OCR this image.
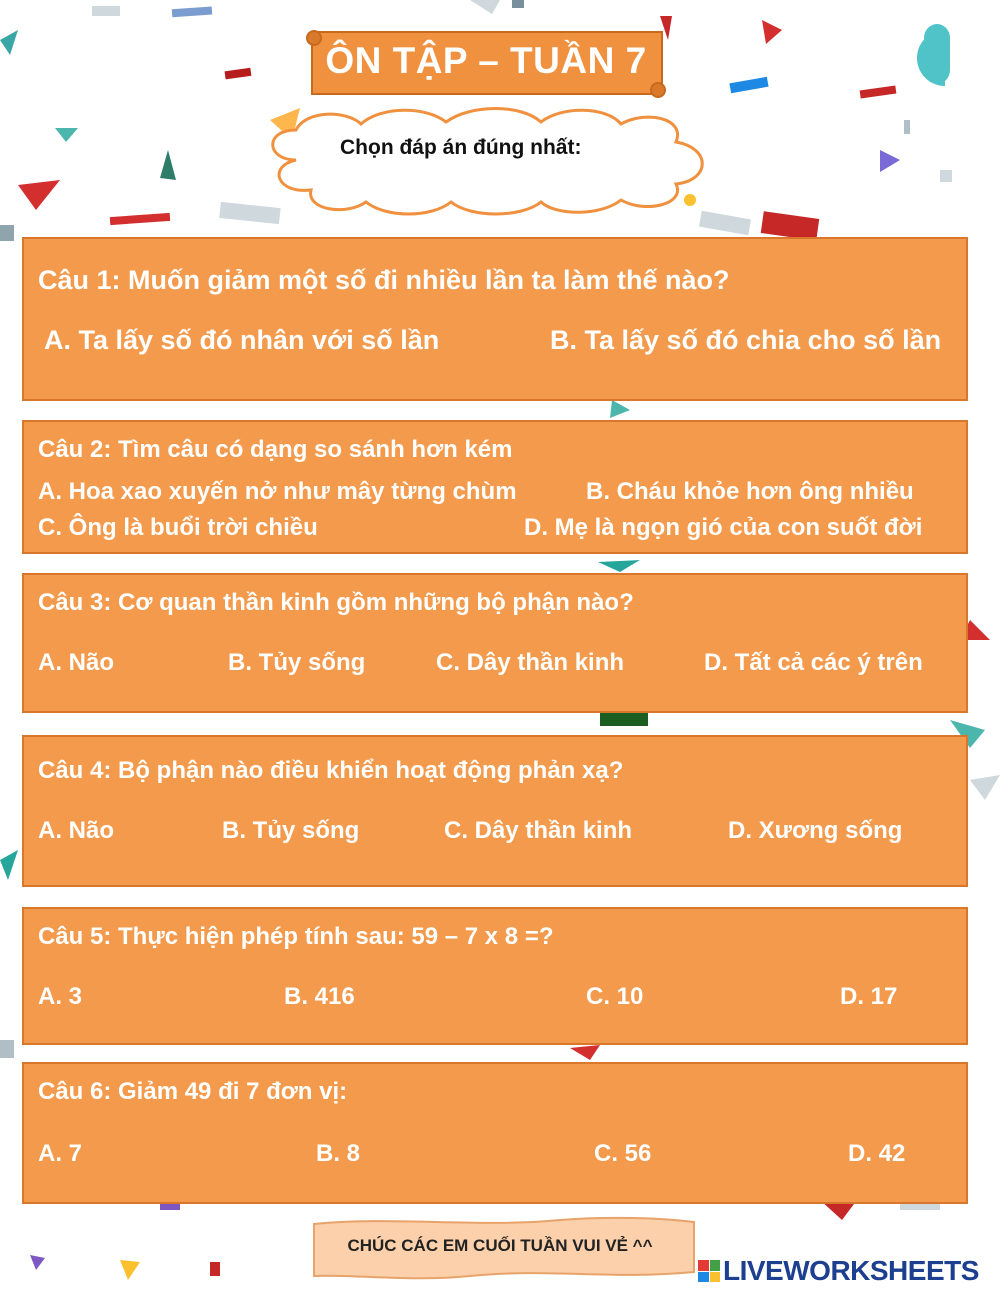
ÔN TẬP – TUẦN 7
Chọn đáp án đúng nhất:
Câu 1: Muốn giảm một số đi nhiều lần ta làm thế nào?
A. Ta lấy số đó nhân với số lần	B. Ta lấy số đó chia cho số lần
Câu 2: Tìm câu có dạng so sánh hơn kém
A. Hoa xao xuyến nở như mây từng chùm	B. Cháu khỏe hơn ông nhiều
C. Ông là buổi trời chiều	D. Mẹ là ngọn gió của con suốt đời
Câu 3: Cơ quan thần kinh gồm những bộ phận nào?
A. Não	B. Tủy sống	C. Dây thần kinh	D. Tất cả các ý trên
Câu 4: Bộ phận nào điều khiển hoạt động phản xạ?
A. Não	B. Tủy sống	C. Dây thần kinh	D. Xương sống
Câu 5: Thực hiện phép tính sau: 59 – 7 x 8 =?
A. 3	B. 416	C. 10	D. 17
Câu 6: Giảm 49 đi 7 đơn vị:
A. 7	B. 8	C. 56	D. 42
CHÚC CÁC EM CUỐI TUẦN VUI VẺ ^^
LIVEWORKSHEETS
